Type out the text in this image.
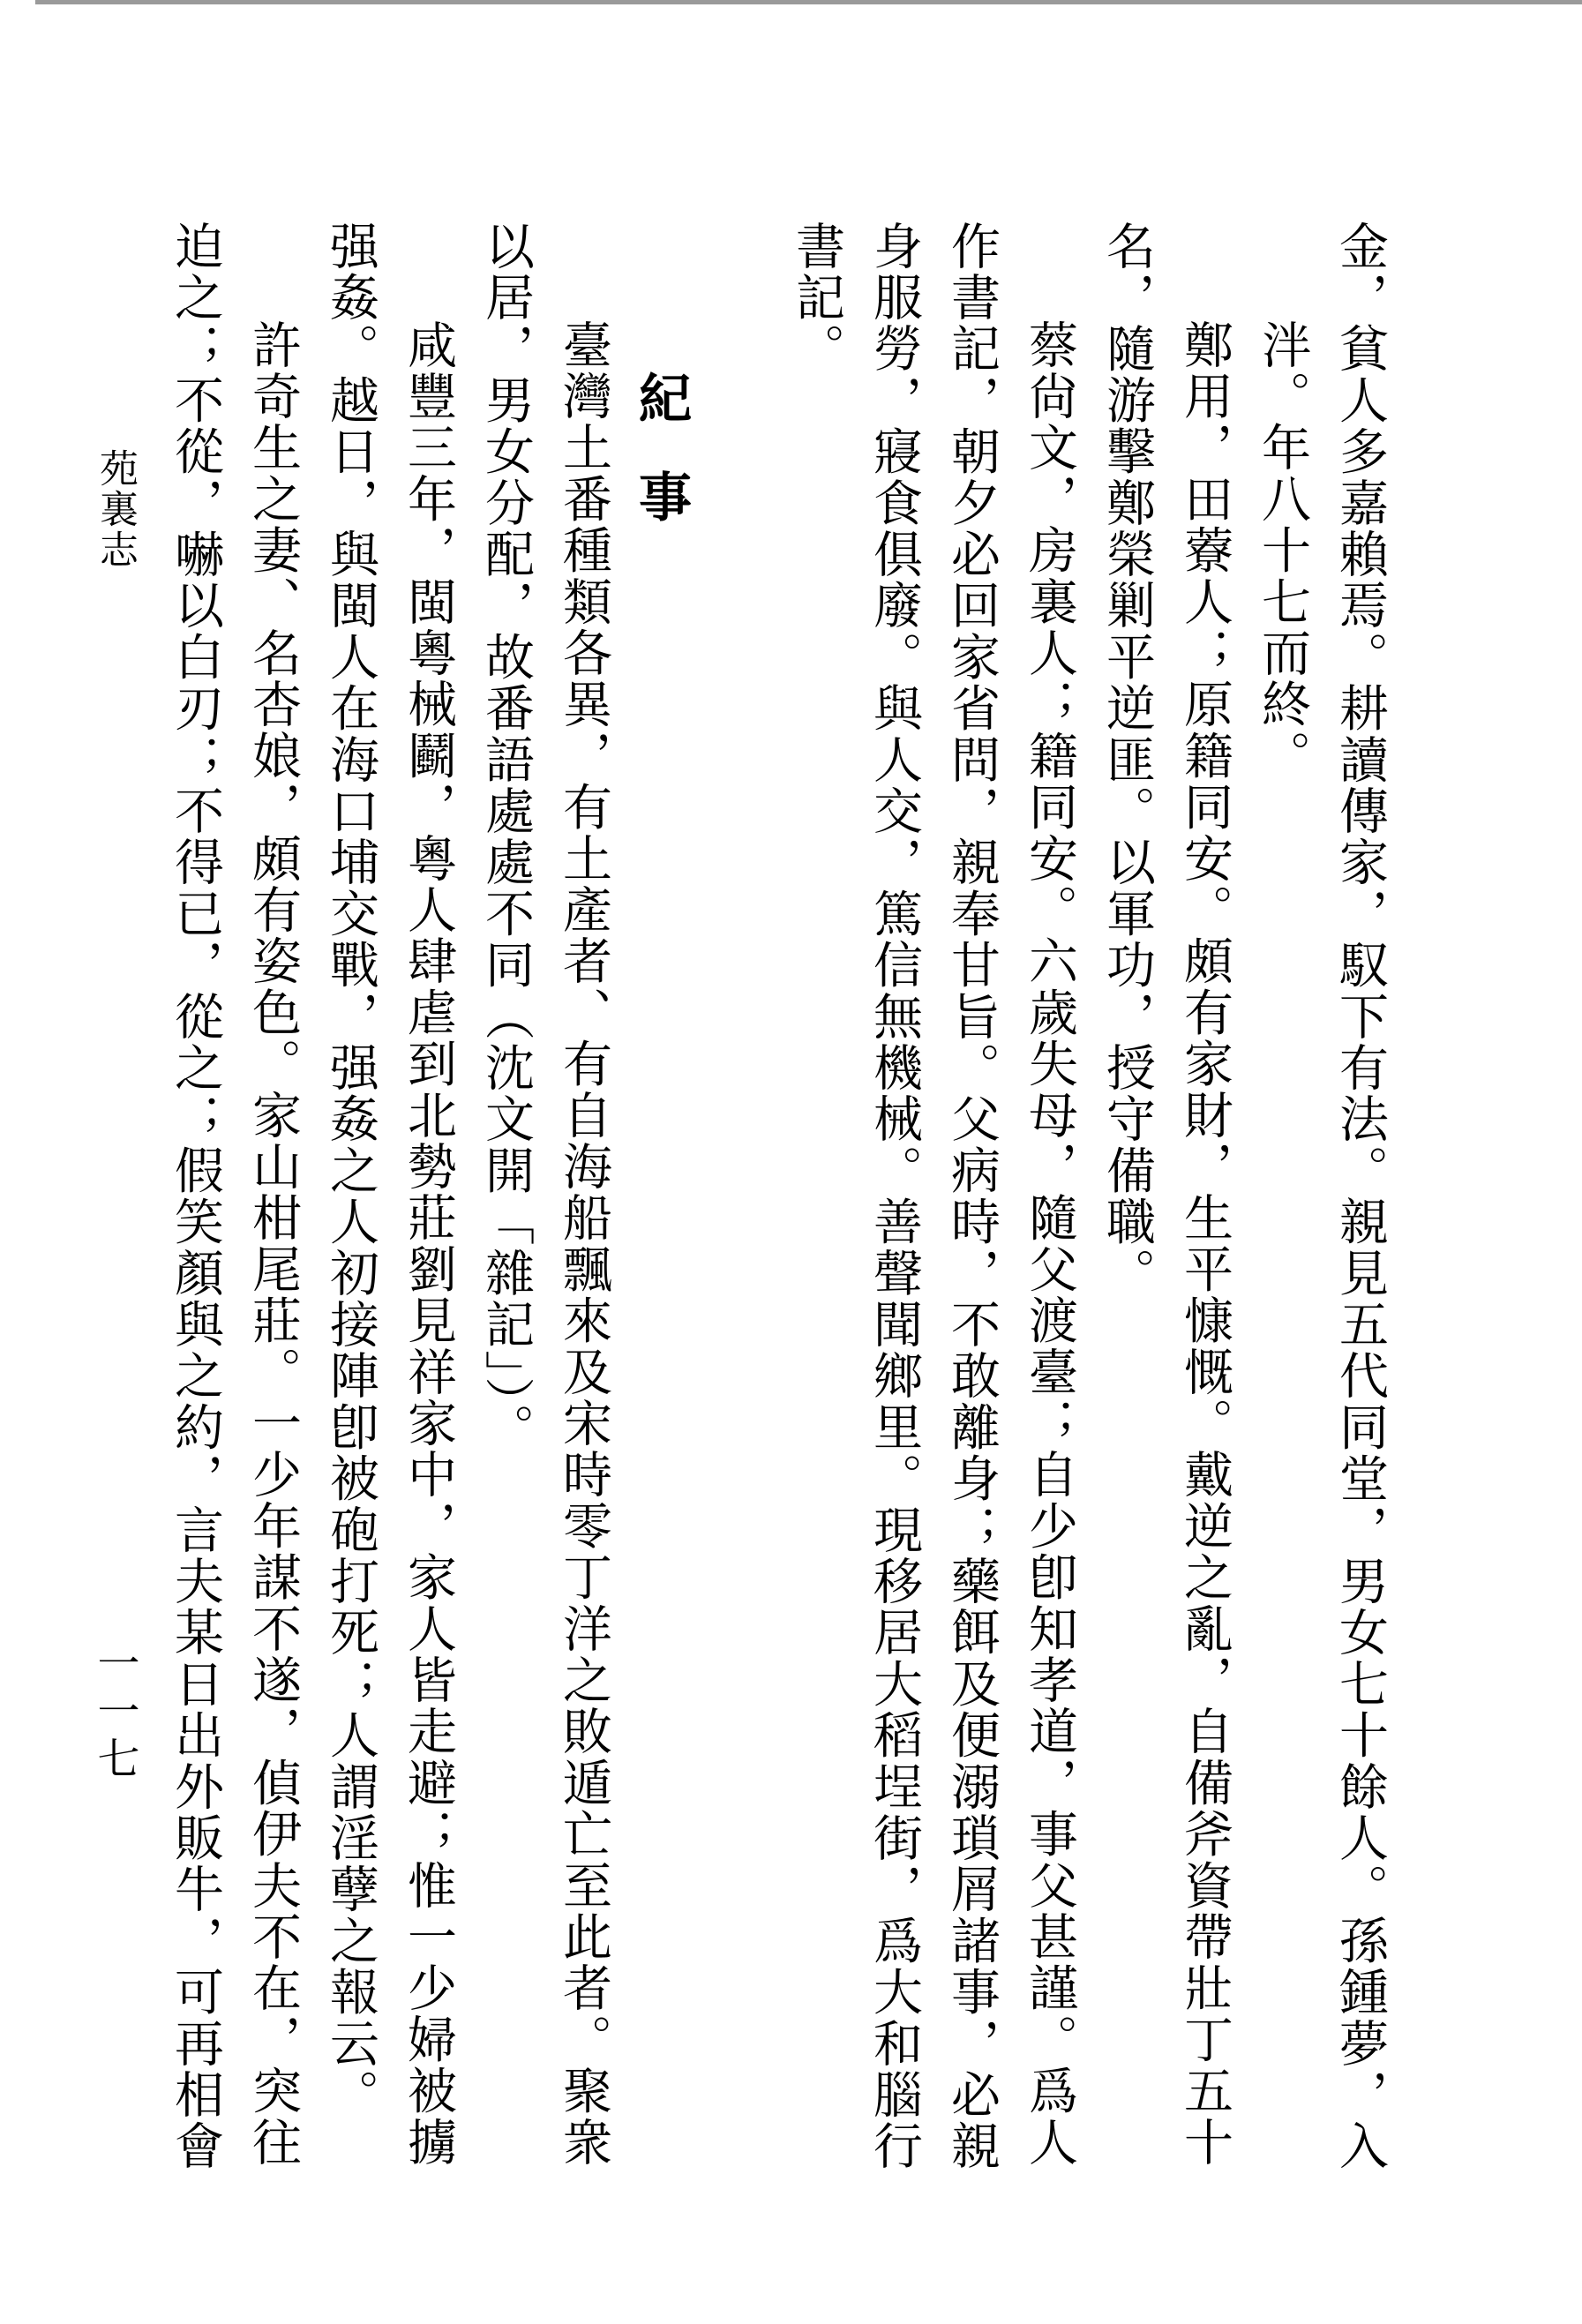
金，貧人多嘉賴焉。耕讀傳家，馭下有法。親見五代同堂，男女七十餘人。孫鍾夢，入
泮。年八十七而終。
鄭用，田藔人；原籍同安。頗有家財，生平慷慨。戴逆之亂，自備斧資帶壯丁五十
名，隨游擊鄭榮剿平逆匪。以軍功，授守備職。
蔡尙文，房裏人；籍同安。六歲失母，隨父渡臺；自少卽知孝道，事父甚謹。爲人
作書記，朝夕必回家省問，親奉甘旨。父病時，不敢離身；藥餌及便溺瑣屑諸事，必親
身服勞，寢食俱廢。與人交，篤信無機械。善聲聞鄉里。現移居大稻埕街，爲大和腦行
書記。
紀事
臺灣土番種類各異，有土產者、有自海船飄來及宋時零丁洋之敗遁亡至此者。聚衆
以居，男女分配，故番語處處不同（沈文開「雜記」）。
咸豐三年，閩粵械鬬，粵人肆虐到北勢莊劉見祥家中，家人皆走避；惟一少婦被擄
强姦。越日，與閩人在海口埔交戰，强姦之人初接陣卽被砲打死；人謂淫孽之報云。
許奇生之妻、名杏娘，頗有姿色。家山柑尾莊。一少年謀不遂，偵伊夫不在，突往
迫之；不從，嚇以白刃；不得已，從之；假笑顏與之約，言夫某日出外販牛，可再相會
苑裏志
一一七
